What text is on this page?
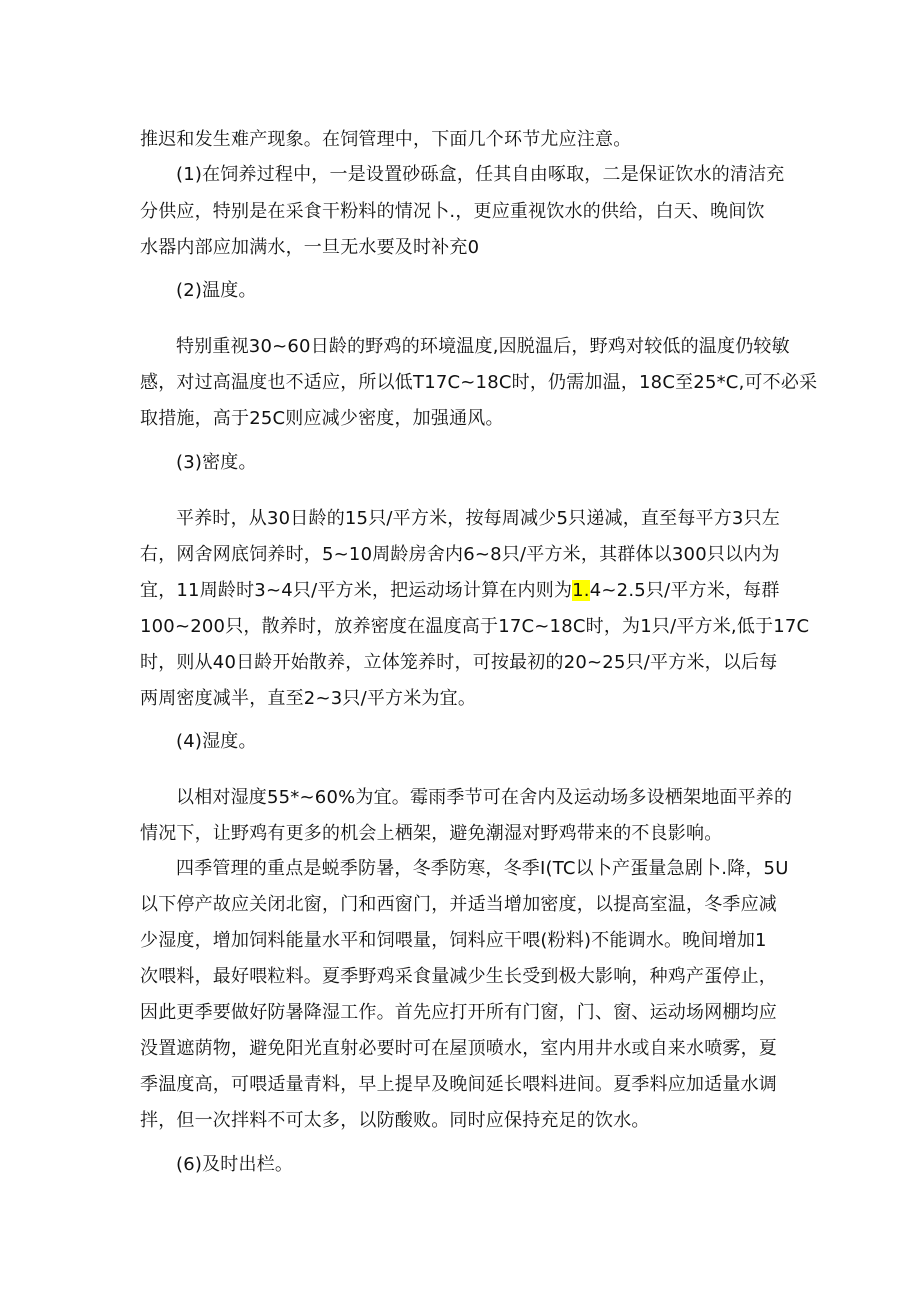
推迟和发生难产现象。在饲管理中，下面几个环节尤应注意。
(1)在饲养过程中，一是设置砂砾盒，任其自由啄取，二是保证饮水的清洁充
分供应，特别是在采食干粉料的情况卜.，更应重视饮水的供给，白天、晚间饮
水器内部应加满水，一旦无水要及时补充0
(2)温度。
特别重视30~60日龄的野鸡的环境温度,因脱温后，野鸡对较低的温度仍较敏
感，对过高温度也不适应，所以低T17C~18C时，仍需加温，18C至25*C,可不必采
取措施，高于25C则应减少密度，加强通风。
(3)密度。
平养时，从30日龄的15只/平方米，按每周减少5只递减，直至每平方3只左
右，网舍网底饲养时，5~10周龄房舍内6~8只/平方米，其群体以300只以内为
宜，11周龄时3~4只/平方米，把运动场计算在内则为1.4~2.5只/平方米，每群
100~200只，散养时，放养密度在温度高于17C~18C时，为1只/平方米,低于17C
时，则从40日龄开始散养，立体笼养时，可按最初的20~25只/平方米，以后每
两周密度减半，直至2~3只/平方米为宜。
(4)湿度。
以相对湿度55*~60%为宜。霉雨季节可在舍内及运动场多设栖架地面平养的
情况下，让野鸡有更多的机会上栖架，避免潮湿对野鸡带来的不良影响。
四季管理的重点是蜕季防暑，冬季防寒，冬季I(TC以卜产蛋量急剧卜.降，5U
以下停产故应关闭北窗，门和西窗门，并适当增加密度，以提高室温，冬季应减
少湿度，增加饲料能量水平和饲喂量，饲料应干喂(粉料)不能调水。晚间增加1
次喂料，最好喂粒料。夏季野鸡采食量减少生长受到极大影响，种鸡产蛋停止，
因此更季要做好防暑降湿工作。首先应打开所有门窗，门、窗、运动场网棚均应
没置遮荫物，避免阳光直射必要时可在屋顶喷水，室内用井水或自来水喷雾，夏
季温度高，可喂适量青料，早上提早及晚间延长喂料进间。夏季料应加适量水调
拌，但一次拌料不可太多，以防酸败。同时应保持充足的饮水。
(6)及时出栏。
